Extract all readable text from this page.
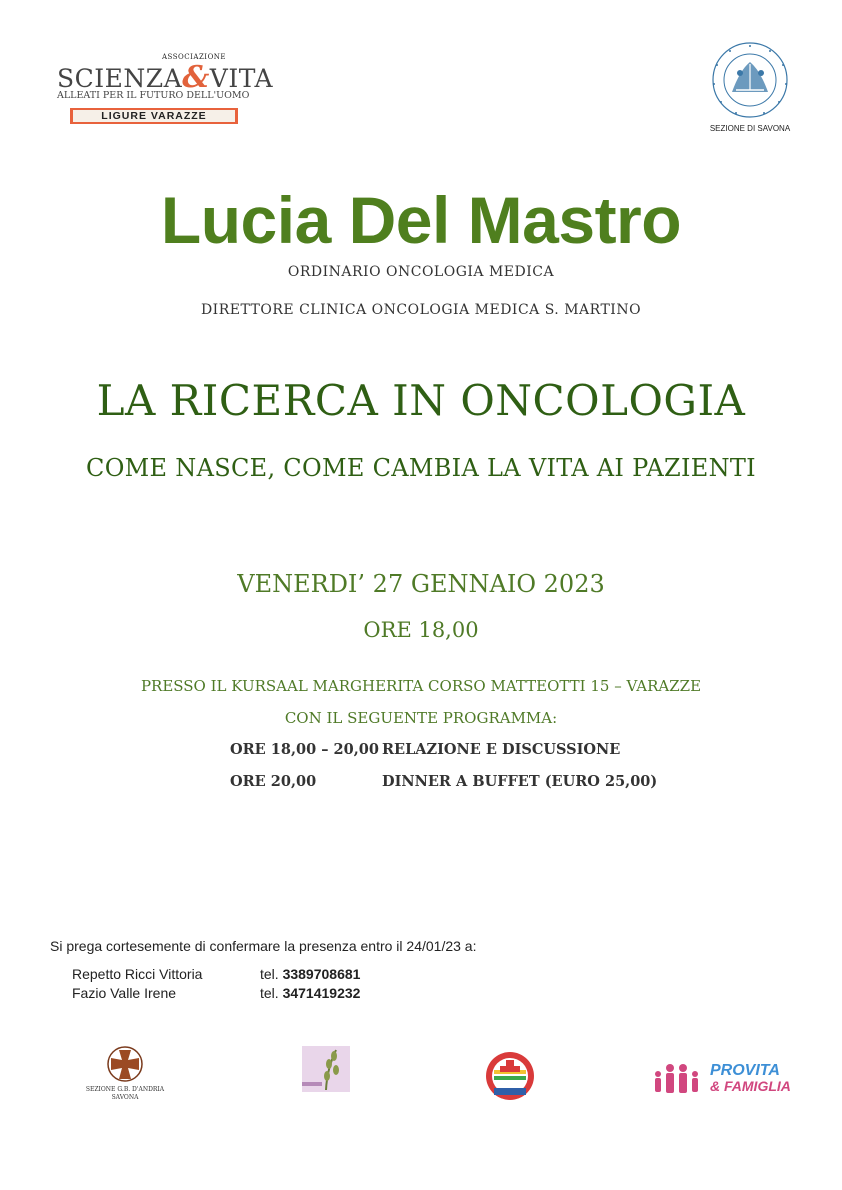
ASSOCIAZIONE
SCIENZA&VITA
ALLEATI PER IL FUTURO DELL'UOMO
LIGURE VARAZZE
SEZIONE DI SAVONA
Lucia Del Mastro
ORDINARIO ONCOLOGIA MEDICA
DIRETTORE CLINICA ONCOLOGIA MEDICA S. MARTINO
LA RICERCA IN ONCOLOGIA
COME NASCE, COME CAMBIA LA VITA AI PAZIENTI
VENERDI’ 27 GENNAIO 2023
ORE 18,00
PRESSO IL KURSAAL MARGHERITA CORSO MATTEOTTI 15 – VARAZZE
CON IL SEGUENTE PROGRAMMA:
ORE 18,00 – 20,00 RELAZIONE E DISCUSSIONE
ORE 20,00	DINNER A BUFFET (EURO 25,00)
Si prega cortesemente di confermare la presenza entro il 24/01/23 a:
Repetto Ricci Vittoria	tel. 3389708681
Fazio Valle Irene	tel. 3471419232
SEZIONE G.B. D'ANDRIA
SAVONA
PROVITA
& FAMIGLIA
